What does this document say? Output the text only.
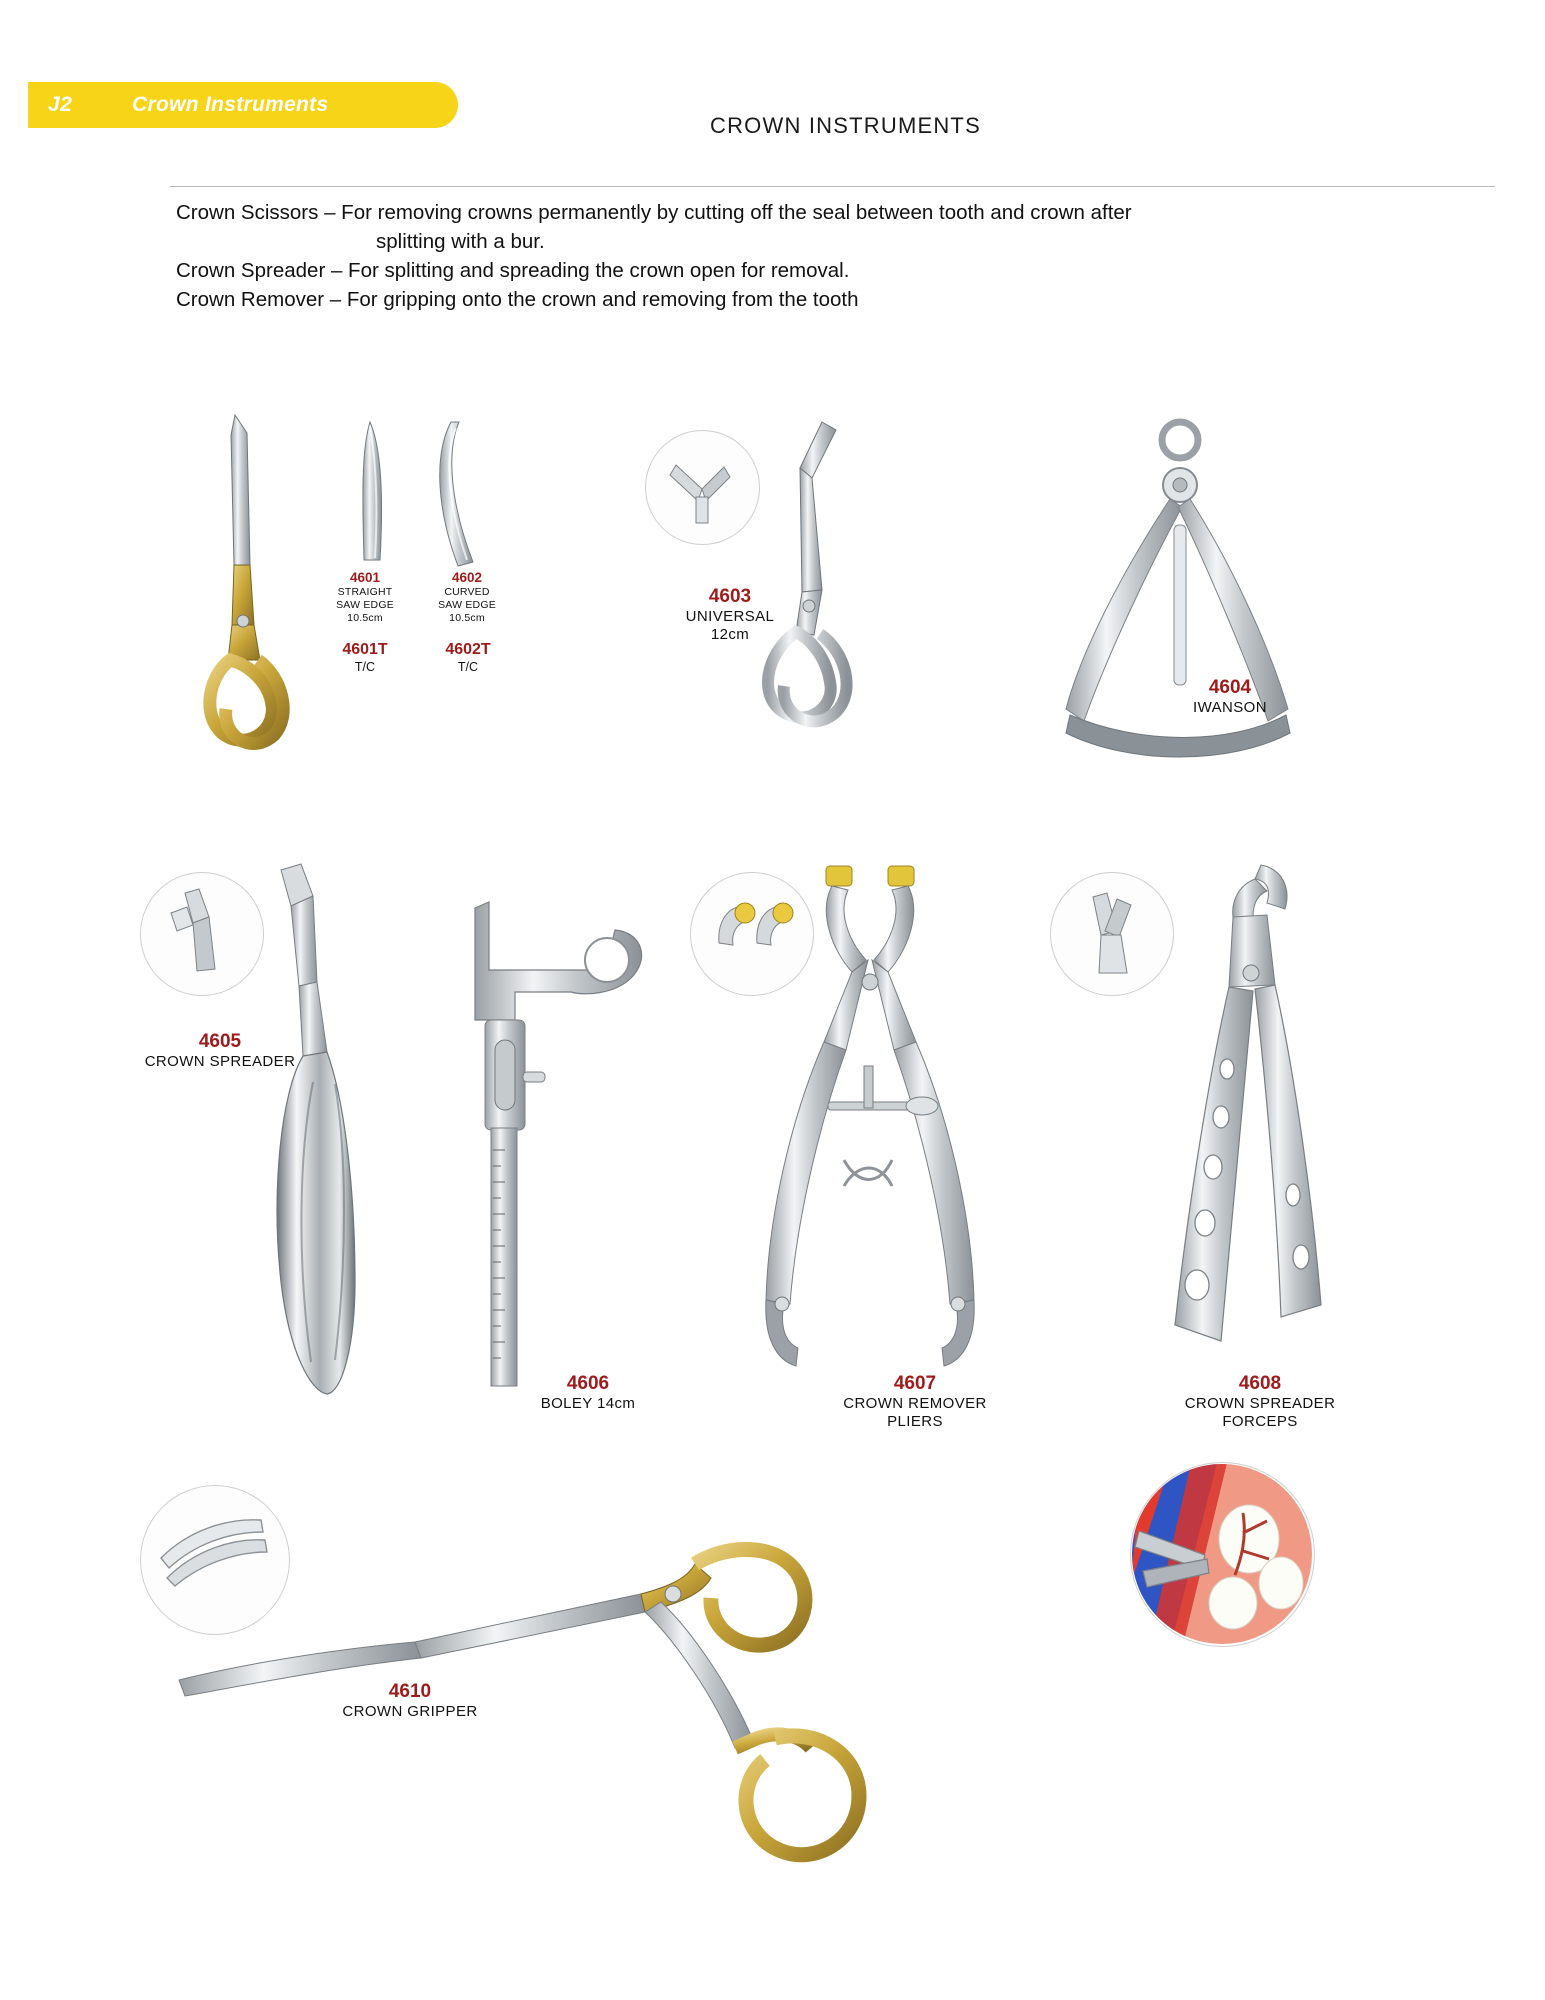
J2	Crown Instruments
CROWN INSTRUMENTS

Crown Scissors – For removing crowns permanently by cutting off the seal between tooth and crown after

splitting with a bur.

Crown Spreader – For splitting and spreading the crown open for removal.

Crown Remover – For gripping onto the crown and removing from the tooth

4601
STRAIGHT
SAW EDGE
10.5cm
4602
CURVED
SAW EDGE
10.5cm
4601T
T/C
4602T
T/C
4603
UNIVERSAL
12cm
4604
IWANSON
4605
CROWN SPREADER
4606
BOLEY 14cm
4607
CROWN REMOVER
PLIERS
4608
CROWN SPREADER
FORCEPS
4610
CROWN GRIPPER
